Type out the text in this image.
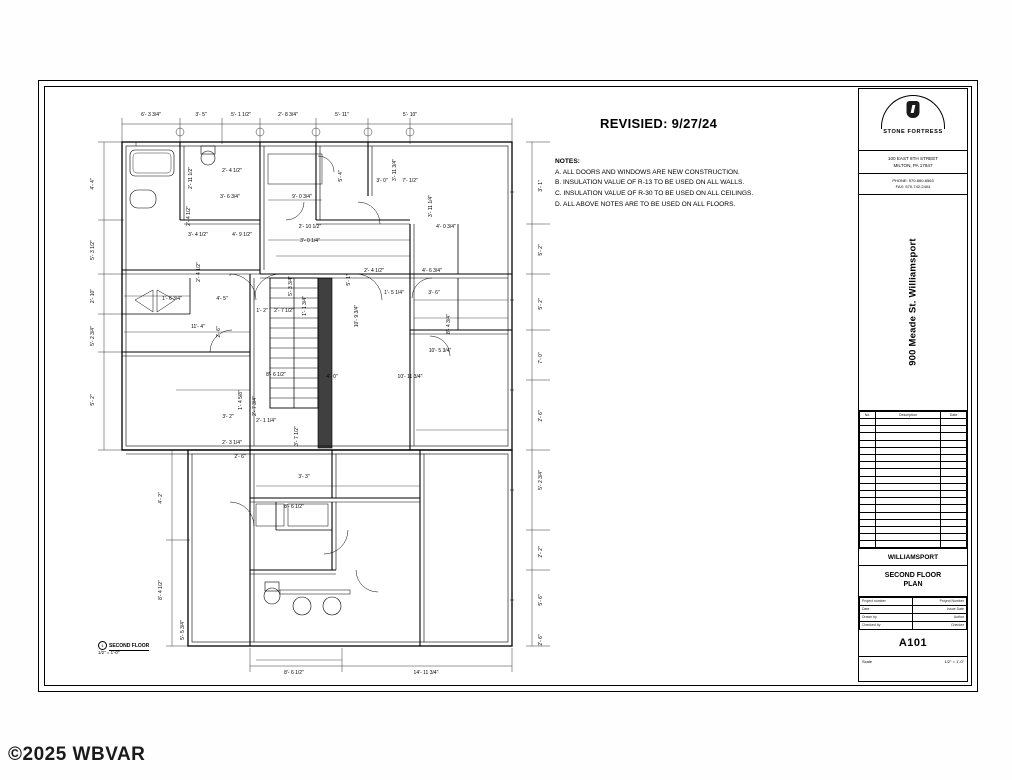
6'- 3 3/4"	3'- 5"	5'- 1 1/2"	2'- 8 3/4"	5'- 11"	5'- 10"
4'- 4"
5'- 3 1/2"
2'- 10"
5'- 2 3/4"
5'- 2"
4'- 2"
8'- 4 1/2"
5'- 5 3/4"
3'- 1"
5'- 2"
5'- 2"
7'- 0"
2'- 6"
5'- 2 3/4"
2'- 2"
5'- 6"
2'- 6"
8'- 6 1/2"	14'- 11 3/4"
2'- 11 1/2"	2'- 4 1/2"	5'- 4"	3'- 0"	7'- 1/2"
3'- 11 3/4"
3'- 6 3/4"	9'- 0 3/4"
2'- 4 1/2"	3'- 11 1/4"
3'- 4 1/2"	4'- 9 1/2"
2'- 10 1/2"
3'- 0 1/4"
4'- 0 3/4"
2'- 4 1/2"
5'- 3 3/4"
1'- 6 3/4"	4'- 5"
2'- 6"
11'- 4"
1'- 2" 2'- 7 1/2" 1'- 1 3/4"
5'- 1"
2'- 4 1/2"	4'- 6 3/4"
1'- 5 1/4"	3'- 6"
10'- 9 3/4"	8'- 4 3/4"
10'- 5 3/4"
10'- 11 3/4"
4'- 0"
8'- 6 1/2"
1'- 4 5/8" 2'- 7 3/4"
3'- 2"
2'- 1 1/4"
2'- 3 1/4"
2'- 6"
3'- 7 1/2"
3'- 3"
8'- 6 1/2"
1 SECOND FLOOR
1/2" = 1'-0"
REVISIED: 9/27/24
NOTES:
A. ALL DOORS AND WINDOWS ARE NEW CONSTRUCTION.
B. INSULATION VALUE OF R-13 TO BE USED ON ALL WALLS.
C. INSULATION VALUE OF R-30 TO BE USED ON ALL CEILINGS.
D. ALL ABOVE NOTES ARE TO BE USED ON ALL FLOORS.
STONE FORTRESS
100 EAST 8TH STREET
MILTON, PA 17847
PHONE: 570-660-6563
FAX: 570-742-2404
900 Meade St. Williamsport
No.	Description	Date

WILLIAMSPORT
SECOND FLOOR
PLAN
Project number	Project Number
Date	Issue Date
Drawn by	Author
Checked by	Checker
A101
Scale	1/2" = 1'-0"
©2025 WBVAR
